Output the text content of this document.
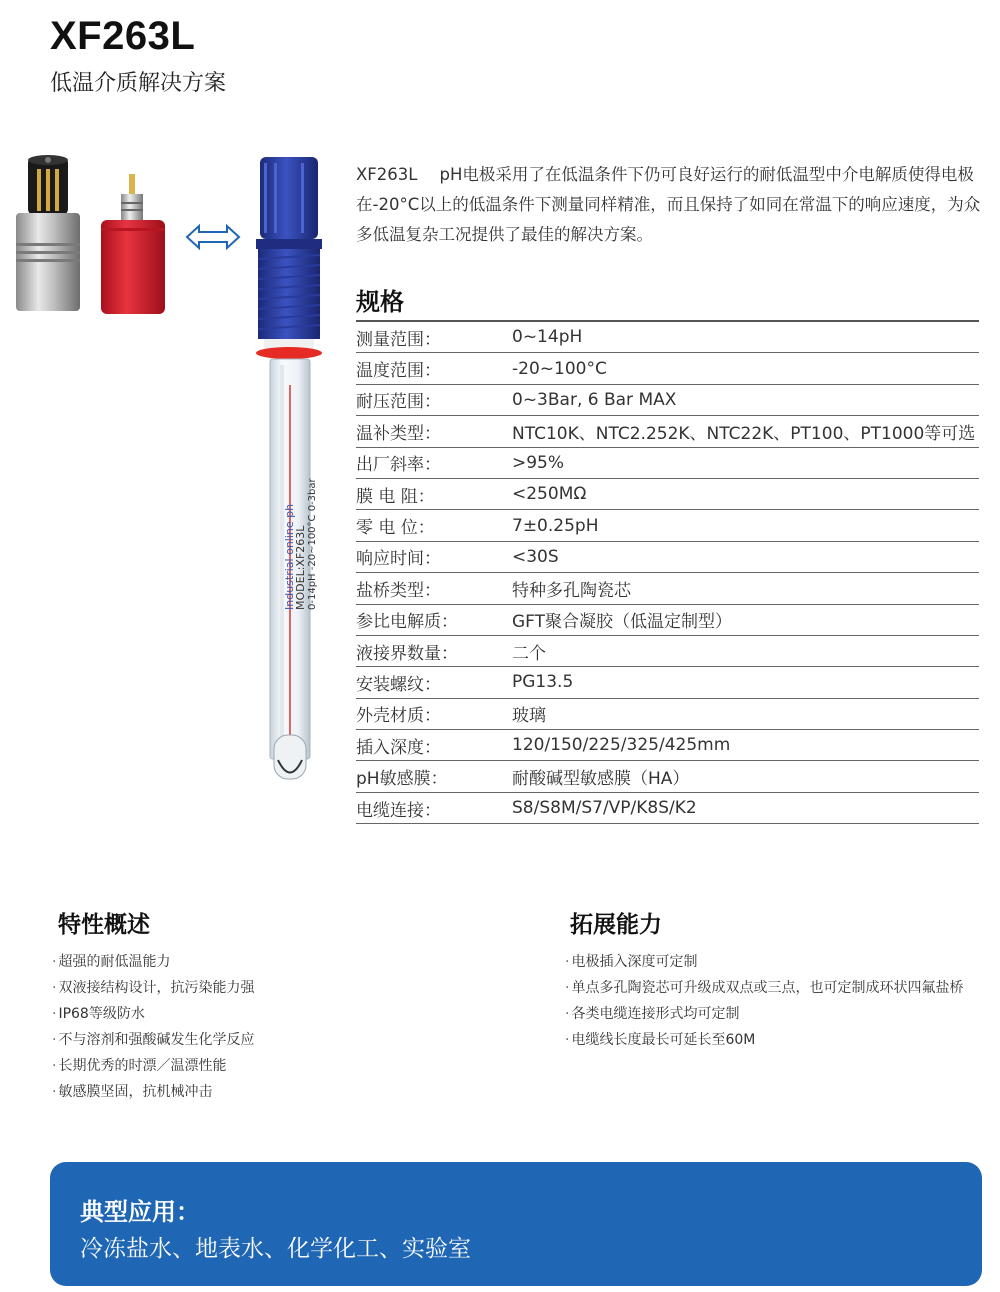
XF263L
低温介质解决方案
Industrial online ph
MODEL:XF263L 0-14pH -20~100°C 0-3bar
XF263L pH电极采用了在低温条件下仍可良好运行的耐低温型中介电解质使得电极在-20°C以上的低温条件下测量同样精准，而且保持了如同在常温下的响应速度，为众多低温复杂工况提供了最佳的解决方案。
规格
测量范围：	0~14pH
温度范围：	-20~100°C
耐压范围：	0~3Bar, 6 Bar MAX
温补类型：	NTC10K、NTC2.252K、NTC22K、PT100、PT1000等可选
出厂斜率：	>95%
膜 电 阻：	<250MΩ
零 电 位：	7±0.25pH
响应时间：	<30S
盐桥类型：	特种多孔陶瓷芯
参比电解质：	GFT聚合凝胶（低温定制型）
液接界数量：	二个
安装螺纹：	PG13.5
外壳材质：	玻璃
插入深度：	120/150/225/325/425mm
pH敏感膜：	耐酸碱型敏感膜（HA）
电缆连接：	S8/S8M/S7/VP/K8S/K2
特性概述
· 超强的耐低温能力
· 双液接结构设计，抗污染能力强
· IP68等级防水
· 不与溶剂和强酸碱发生化学反应
· 长期优秀的时漂／温漂性能
· 敏感膜坚固，抗机械冲击
拓展能力
· 电极插入深度可定制
· 单点多孔陶瓷芯可升级成双点或三点，也可定制成环状四氟盐桥
· 各类电缆连接形式均可定制
· 电缆线长度最长可延长至60M
典型应用：
冷冻盐水、地表水、化学化工、实验室
